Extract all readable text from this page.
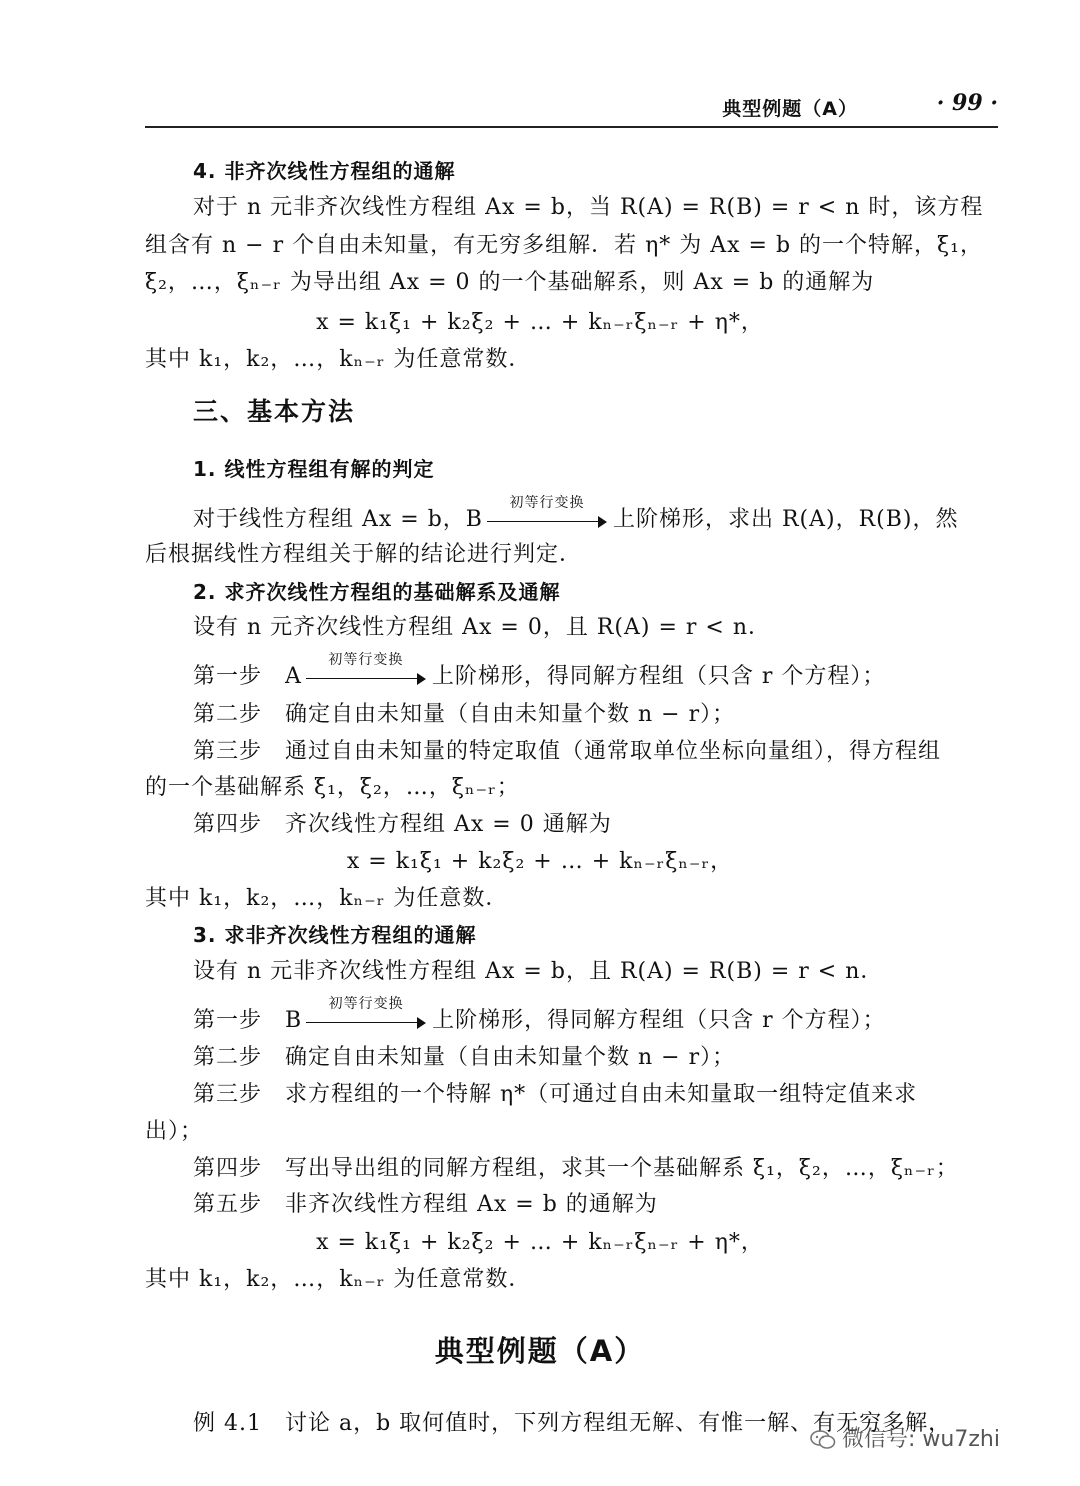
典型例题（A）	· 99 ·
4. 非齐次线性方程组的通解
对于 n 元非齐次线性方程组 Ax = b，当 R(A) = R(B) = r < n 时，该方程
组含有 n − r 个自由未知量，有无穷多组解．若 η* 为 Ax = b 的一个特解，ξ₁，
ξ₂，…，ξₙ₋ᵣ 为导出组 Ax = 0 的一个基础解系，则 Ax = b 的通解为
x = k₁ξ₁ + k₂ξ₂ + … + kₙ₋ᵣξₙ₋ᵣ + η*，
其中 k₁，k₂，…，kₙ₋ᵣ 为任意常数．
三、基本方法
1. 线性方程组有解的判定
对于线性方程组 Ax = b，B
初等行变换
上阶梯形，求出 R(A)，R(B)，然
后根据线性方程组关于解的结论进行判定．
2. 求齐次线性方程组的基础解系及通解
设有 n 元齐次线性方程组 Ax = 0，且 R(A) = r < n．
第一步　A
初等行变换
上阶梯形，得同解方程组（只含 r 个方程）；
第二步　确定自由未知量（自由未知量个数 n − r）；
第三步　通过自由未知量的特定取值（通常取单位坐标向量组），得方程组
的一个基础解系 ξ₁，ξ₂，…，ξₙ₋ᵣ；
第四步　齐次线性方程组 Ax = 0 通解为
x = k₁ξ₁ + k₂ξ₂ + … + kₙ₋ᵣξₙ₋ᵣ，
其中 k₁，k₂，…，kₙ₋ᵣ 为任意数．
3. 求非齐次线性方程组的通解
设有 n 元非齐次线性方程组 Ax = b，且 R(A) = R(B) = r < n．
第一步　B
初等行变换
上阶梯形，得同解方程组（只含 r 个方程）；
第二步　确定自由未知量（自由未知量个数 n − r）；
第三步　求方程组的一个特解 η*（可通过自由未知量取一组特定值来求
出）；
第四步　写出导出组的同解方程组，求其一个基础解系 ξ₁，ξ₂，…，ξₙ₋ᵣ；
第五步　非齐次线性方程组 Ax = b 的通解为
x = k₁ξ₁ + k₂ξ₂ + … + kₙ₋ᵣξₙ₋ᵣ + η*，
其中 k₁，k₂，…，kₙ₋ᵣ 为任意常数．
典型例题（A）
例 4.1　讨论 a，b 取何值时，下列方程组无解、有惟一解、有无穷多解，
微信号: wu7zhi
